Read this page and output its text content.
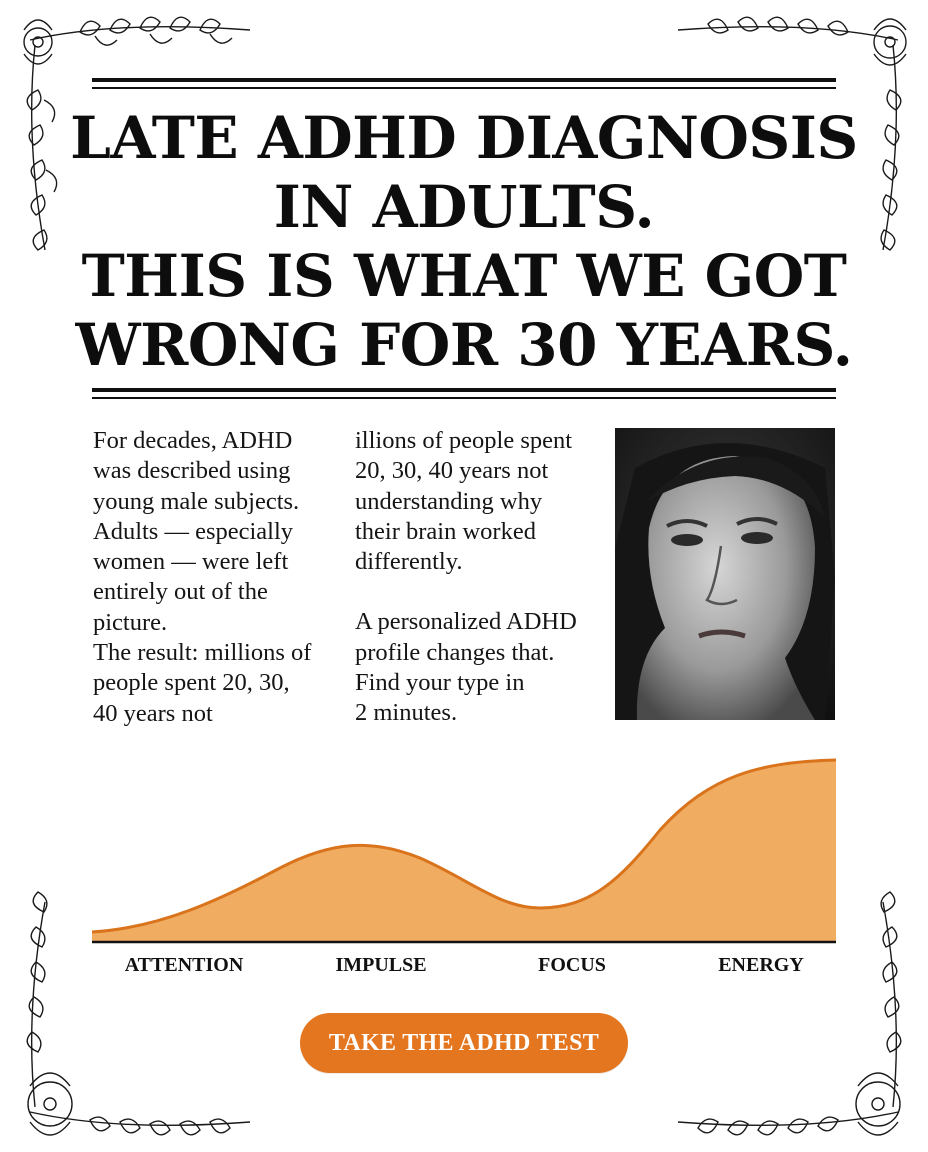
LATE ADHD DIAGNOSIS
IN ADULTS.
THIS IS WHAT WE GOT
WRONG FOR 30 YEARS.
For decades, ADHD
was described using
young male subjects.
Adults — especially
women — were left
entirely out of the
picture.
The result: millions of
people spent 20, 30,
40 years not
illions of people spent
20, 30, 40 years not
understanding why
their brain worked
differently.
A personalized ADHD
profile changes that.
Find your type in
2 minutes.
ATTENTION	IMPULSE	FOCUS	ENERGY
TAKE THE ADHD TEST
